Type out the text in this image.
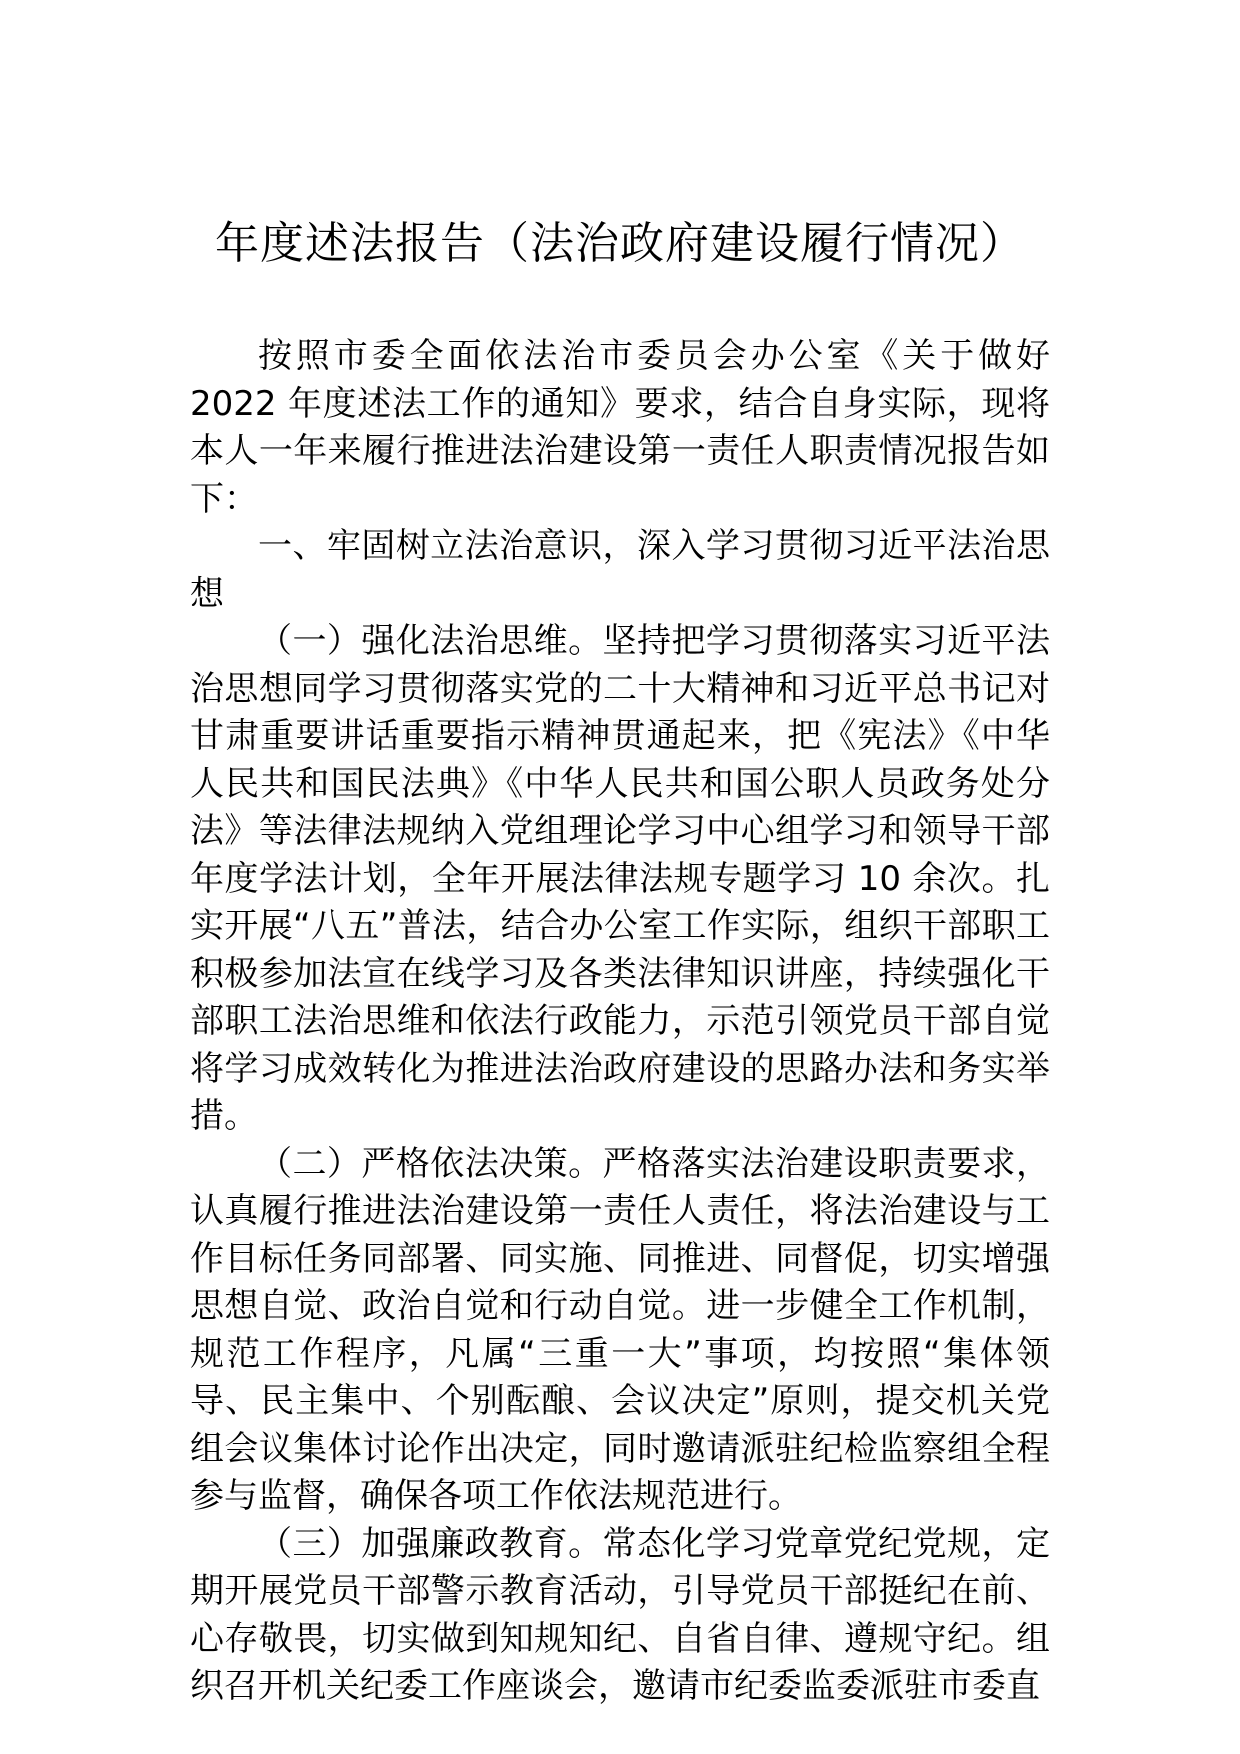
年度述法报告（法治政府建设履行情况）

按照市委全面依法治市委员会办公室《关于做好 2022 年度述法工作的通知》要求，结合自身实际，现将本人一年来履行推进法治建设第一责任人职责情况报告如下：

一、牢固树立法治意识，深入学习贯彻习近平法治思想

（一）强化法治思维。坚持把学习贯彻落实习近平法治思想同学习贯彻落实党的二十大精神和习近平总书记对甘肃重要讲话重要指示精神贯通起来，把《宪法》《中华人民共和国民法典》《中华人民共和国公职人员政务处分法》等法律法规纳入党组理论学习中心组学习和领导干部年度学法计划，全年开展法律法规专题学习 10 余次。扎实开展“八五”普法，结合办公室工作实际，组织干部职工积极参加法宣在线学习及各类法律知识讲座，持续强化干部职工法治思维和依法行政能力，示范引领党员干部自觉将学习成效转化为推进法治政府建设的思路办法和务实举措。

（二）严格依法决策。严格落实法治建设职责要求，认真履行推进法治建设第一责任人责任，将法治建设与工作目标任务同部署、同实施、同推进、同督促，切实增强思想自觉、政治自觉和行动自觉。进一步健全工作机制，规范工作程序，凡属“三重一大”事项，均按照“集体领导、民主集中、个别酝酿、会议决定”原则，提交机关党组会议集体讨论作出决定，同时邀请派驻纪检监察组全程参与监督，确保各项工作依法规范进行。

（三）加强廉政教育。常态化学习党章党纪党规，定期开展党员干部警示教育活动，引导党员干部挺纪在前、心存敬畏，切实做到知规知纪、自省自律、遵规守纪。组织召开机关纪委工作座谈会，邀请市纪委监委派驻市委直
